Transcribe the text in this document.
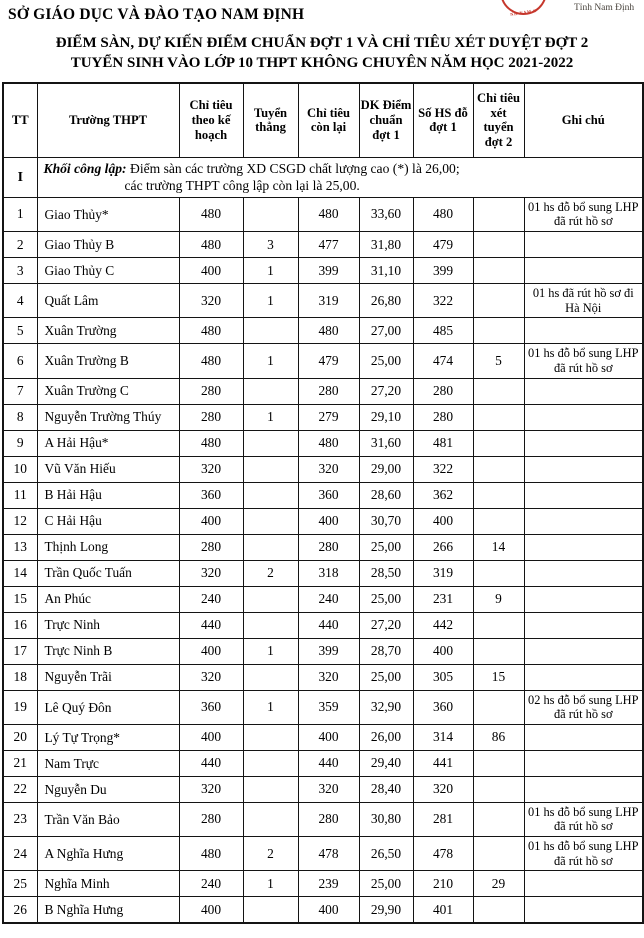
SỞ GIÁO DỤC VÀ ĐÀO TẠO NAM ĐỊNH	NH NAM C	Tỉnh Nam Định
ĐIỂM SÀN, DỰ KIẾN ĐIỂM CHUẨN ĐỢT 1 VÀ CHỈ TIÊU XÉT DUYỆT ĐỢT 2
TUYỂN SINH VÀO LỚP 10 THPT KHÔNG CHUYÊN NĂM HỌC 2021-2022
TT	Trường THPT	Chỉ tiêu theo kế hoạch	Tuyển thẳng	Chỉ tiêu còn lại	DK Điểm chuẩn đợt 1	Số HS đỗ đợt 1	Chỉ tiêu xét tuyển đợt 2	Ghi chú
I	Khối công lập: Điểm sàn các trường XD CSGD chất lượng cao (*) là 26,00;
các trường THPT công lập còn lại là 25,00.							

1	Giao Thủy*	480		480	33,60	480		01 hs đỗ bổ sung LHP đã rút hồ sơ
2	Giao Thủy B	480	3	477	31,80	479		
3	Giao Thủy C	400	1	399	31,10	399		
4	Quất Lâm	320	1	319	26,80	322		01 hs đã rút hồ sơ đi Hà Nội
5	Xuân Trường	480		480	27,00	485		
6	Xuân Trường B	480	1	479	25,00	474	5	01 hs đỗ bổ sung LHP đã rút hồ sơ
7	Xuân Trường C	280		280	27,20	280		
8	Nguyễn Trường Thúy	280	1	279	29,10	280		
9	A Hải Hậu*	480		480	31,60	481		
10	Vũ Văn Hiếu	320		320	29,00	322		
11	B Hải Hậu	360		360	28,60	362		
12	C Hải Hậu	400		400	30,70	400		
13	Thịnh Long	280		280	25,00	266	14	
14	Trần Quốc Tuấn	320	2	318	28,50	319		
15	An Phúc	240		240	25,00	231	9	
16	Trực Ninh	440		440	27,20	442		
17	Trực Ninh B	400	1	399	28,70	400		
18	Nguyễn Trãi	320		320	25,00	305	15	
19	Lê Quý Đôn	360	1	359	32,90	360		02 hs đỗ bổ sung LHP đã rút hồ sơ
20	Lý Tự Trọng*	400		400	26,00	314	86	
21	Nam Trực	440		440	29,40	441		
22	Nguyễn Du	320		320	28,40	320		
23	Trần Văn Bảo	280		280	30,80	281		01 hs đỗ bổ sung LHP đã rút hồ sơ
24	A Nghĩa Hưng	480	2	478	26,50	478		01 hs đỗ bổ sung LHP đã rút hồ sơ
25	Nghĩa Minh	240	1	239	25,00	210	29	
26	B Nghĩa Hưng	400		400	29,90	401		
